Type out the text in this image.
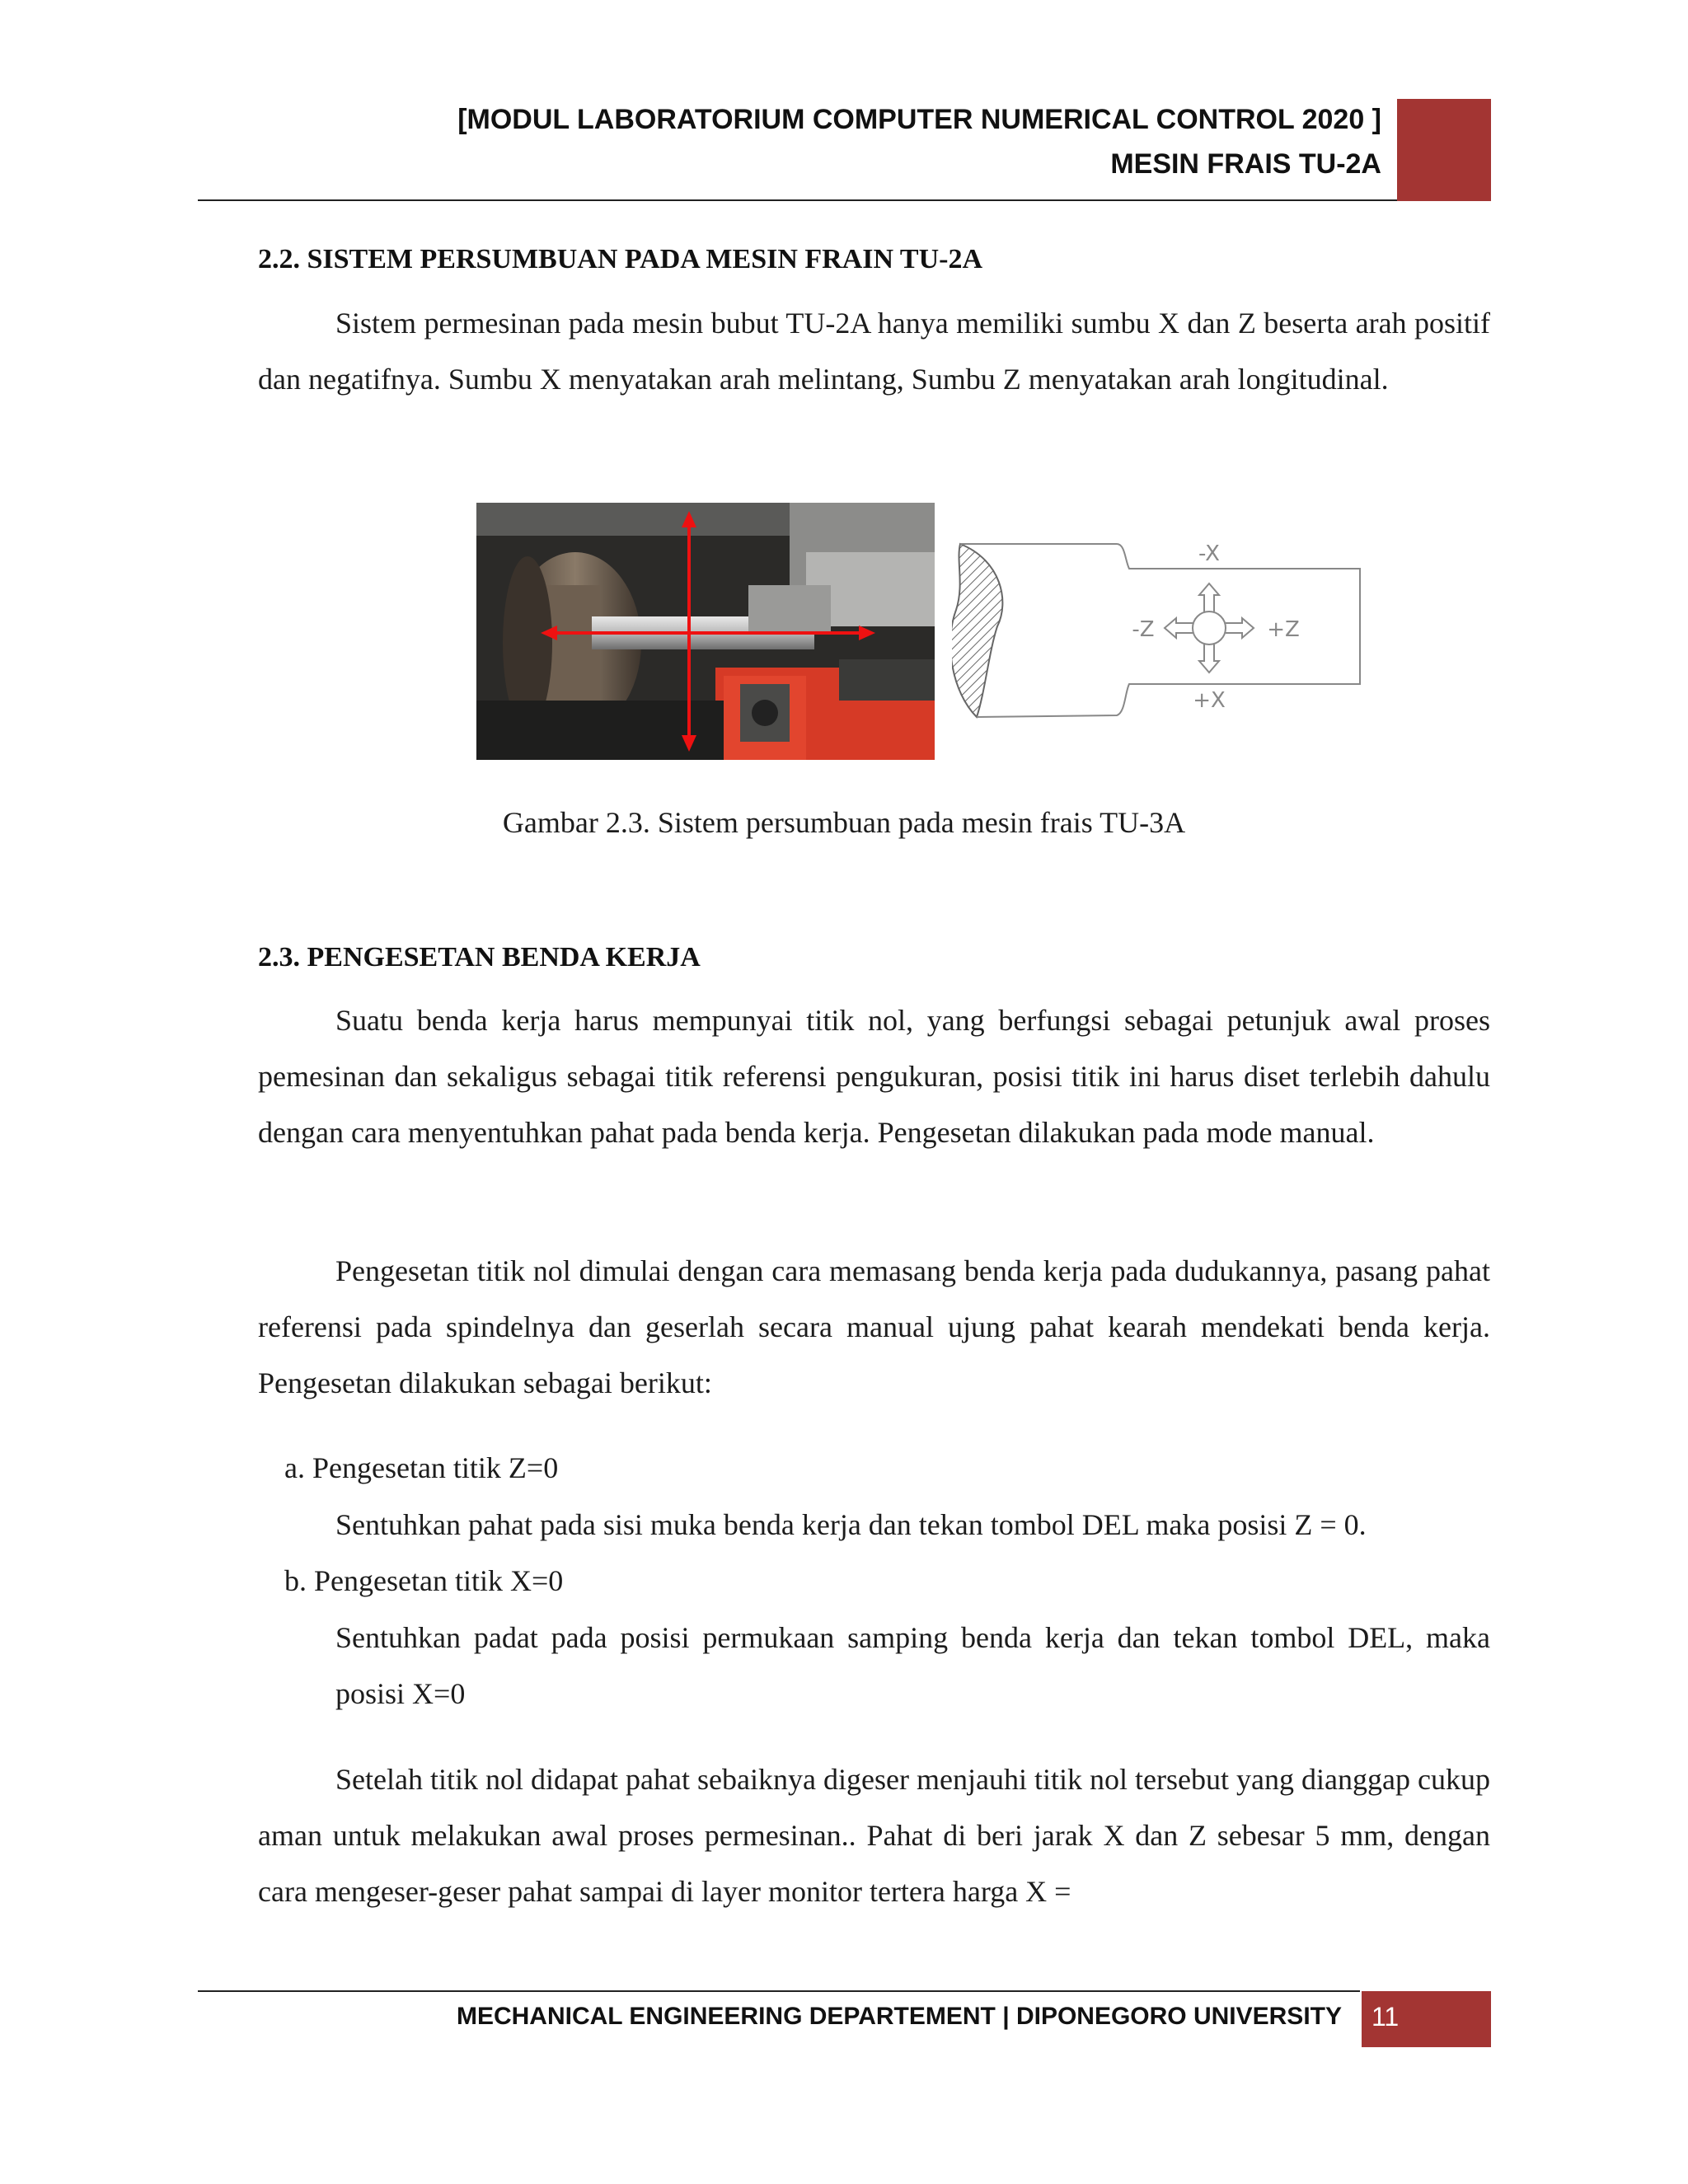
[MODUL LABORATORIUM COMPUTER NUMERICAL CONTROL 2020 ]
MESIN FRAIS TU-2A
2.2. SISTEM PERSUMBUAN PADA MESIN FRAIN TU-2A

Sistem permesinan pada mesin bubut TU-2A hanya memiliki sumbu X dan Z beserta arah positif dan negatifnya. Sumbu X menyatakan arah melintang, Sumbu Z menyatakan arah longitudinal.

-X
-Z	+Z
+X
Gambar 2.3. Sistem persumbuan pada mesin frais TU-3A
2.3. PENGESETAN BENDA KERJA

Suatu benda kerja harus mempunyai titik nol, yang berfungsi sebagai petunjuk awal proses pemesinan dan sekaligus sebagai titik referensi pengukuran, posisi titik ini harus diset terlebih dahulu dengan cara menyentuhkan pahat pada benda kerja. Pengesetan dilakukan pada mode manual.

Pengesetan titik nol dimulai dengan cara memasang benda kerja pada dudukannya, pasang pahat referensi pada spindelnya dan geserlah secara manual ujung pahat kearah mendekati benda kerja. Pengesetan dilakukan sebagai berikut:

a. Pengesetan titik Z=0

Sentuhkan pahat pada sisi muka benda kerja dan tekan tombol DEL maka posisi Z = 0.

b. Pengesetan titik X=0

Sentuhkan padat pada posisi permukaan samping benda kerja dan tekan tombol DEL, maka posisi X=0

Setelah titik nol didapat pahat sebaiknya digeser menjauhi titik nol tersebut yang dianggap cukup aman untuk melakukan awal proses permesinan.. Pahat di beri jarak X dan Z sebesar 5 mm, dengan cara mengeser-geser pahat sampai di layer monitor tertera harga X =

MECHANICAL ENGINEERING DEPARTEMENT | DIPONEGORO UNIVERSITY 11
